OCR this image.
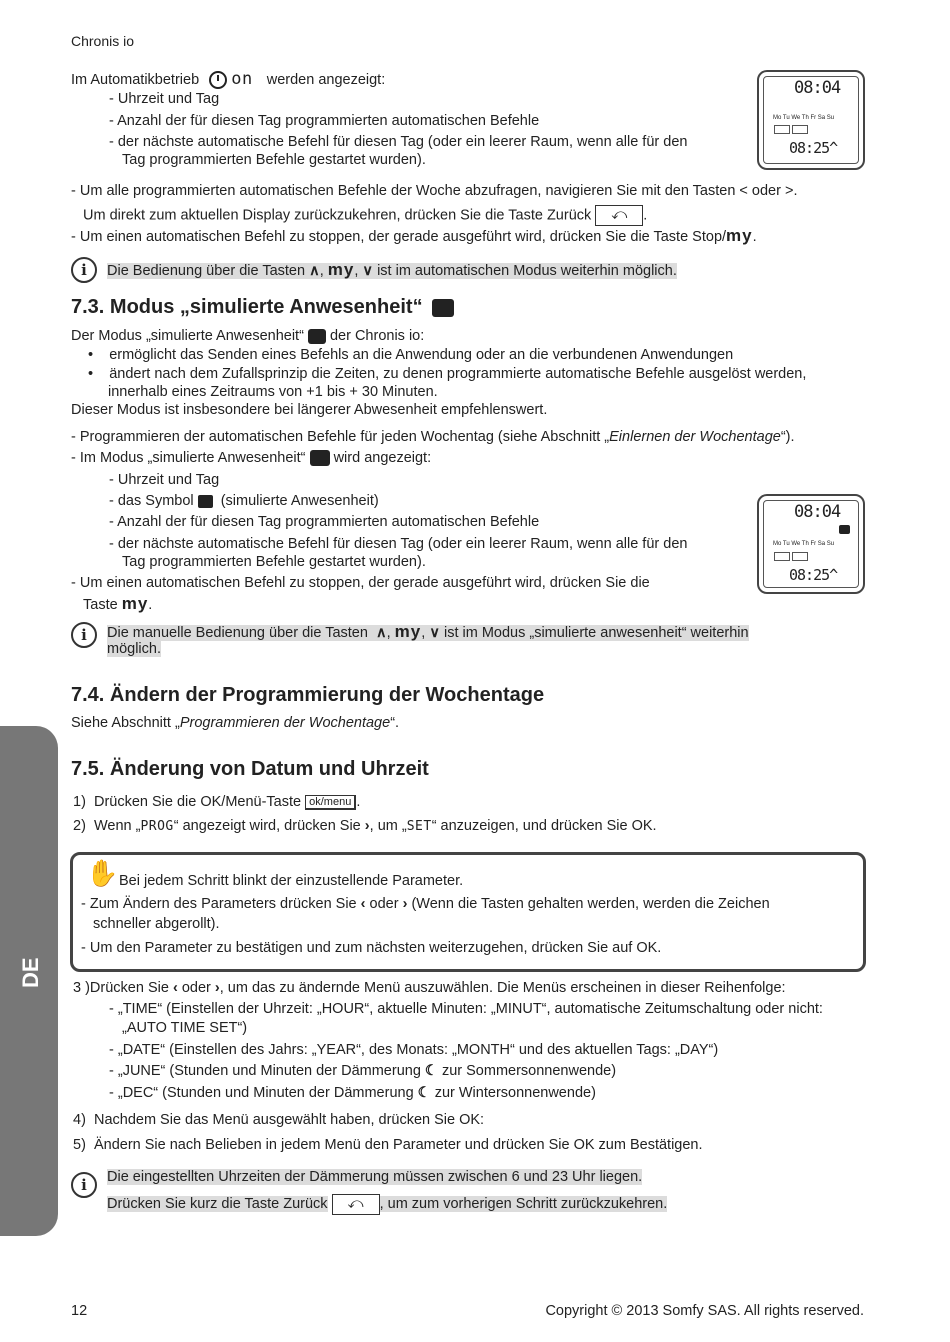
Chronis io
Im Automatikbetrieb on werden angezeigt:
- Uhrzeit und Tag
- Anzahl der für diesen Tag programmierten automatischen Befehle
- der nächste automatische Befehl für diesen Tag (oder ein leerer Raum, wenn alle für den
Tag programmierten Befehle gestartet wurden).
08:04
Mo Tu We Th Fr Sa Su
08:25^
- Um alle programmierten automatischen Befehle der Woche abzufragen, navigieren Sie mit den Tasten < oder >.
Um direkt zum aktuellen Display zurückzukehren, drücken Sie die Taste Zurück ⤺ .
- Um einen automatischen Befehl zu stoppen, der gerade ausgeführt wird, drücken Sie die Taste Stop/my.
i	Die Bedienung über die Tasten ∧, my, ∨ ist im automatischen Modus weiterhin möglich.
7.3. Modus „simulierte Anwesenheit“
Der Modus „simulierte Anwesenheit“ der Chronis io:
•    ermöglicht das Senden eines Befehls an die Anwendung oder an die verbundenen Anwendungen
•    ändert nach dem Zufallsprinzip die Zeiten, zu denen programmierte automatische Befehle ausgelöst werden,
innerhalb eines Zeitraums von +1 bis + 30 Minuten.
Dieser Modus ist insbesondere bei längerer Abwesenheit empfehlenswert.
- Programmieren der automatischen Befehle für jeden Wochentag (siehe Abschnitt „Einlernen der Wochentage“).
- Im Modus „simulierte Anwesenheit“ wird angezeigt:
- Uhrzeit und Tag
- das Symbol (simulierte Anwesenheit)
- Anzahl der für diesen Tag programmierten automatischen Befehle
- der nächste automatische Befehl für diesen Tag (oder ein leerer Raum, wenn alle für den
Tag programmierten Befehle gestartet wurden).
08:04
Mo Tu We Th Fr Sa Su
08:25^
- Um einen automatischen Befehl zu stoppen, der gerade ausgeführt wird, drücken Sie die
Taste my.
i	Die manuelle Bedienung über die Tasten ∧, my, ∨ ist im Modus „simulierte anwesenheit“ weiterhin
möglich.
7.4. Ändern der Programmierung der Wochentage
Siehe Abschnitt „Programmieren der Wochentage“.
7.5. Änderung von Datum und Uhrzeit
1) Drücken Sie die OK/Menü-Taste ok/menu .
2) Wenn „PROG“ angezeigt wird, drücken Sie ›, um „SET“ anzuzeigen, und drücken Sie OK.
✋ Bei jedem Schritt blinkt der einzustellende Parameter.
- Zum Ändern des Parameters drücken Sie ‹ oder › (Wenn die Tasten gehalten werden, werden die Zeichen
schneller abgerollt).
- Um den Parameter zu bestätigen und zum nächsten weiterzugehen, drücken Sie auf OK.
3 )Drücken Sie ‹ oder ›, um das zu ändernde Menü auszuwählen. Die Menüs erscheinen in dieser Reihenfolge:
- „TIME“ (Einstellen der Uhrzeit: „HOUR“, aktuelle Minuten: „MINUT“, automatische Zeitumschaltung oder nicht:
„AUTO TIME SET“)
- „DATE“ (Einstellen des Jahrs: „YEAR“, des Monats: „MONTH“ und des aktuellen Tags: „DAY“)
- „JUNE“ (Stunden und Minuten der Dämmerung ☾ zur Sommersonnenwende)
- „DEC“ (Stunden und Minuten der Dämmerung ☾ zur Wintersonnenwende)
4) Nachdem Sie das Menü ausgewählt haben, drücken Sie OK:
5) Ändern Sie nach Belieben in jedem Menü den Parameter und drücken Sie OK zum Bestätigen.
i	Die eingestellten Uhrzeiten der Dämmerung müssen zwischen 6 und 23 Uhr liegen.
Drücken Sie kurz die Taste Zurück ⤺ , um zum vorherigen Schritt zurückzukehren.
DE
12	Copyright © 2013 Somfy SAS. All rights reserved.
